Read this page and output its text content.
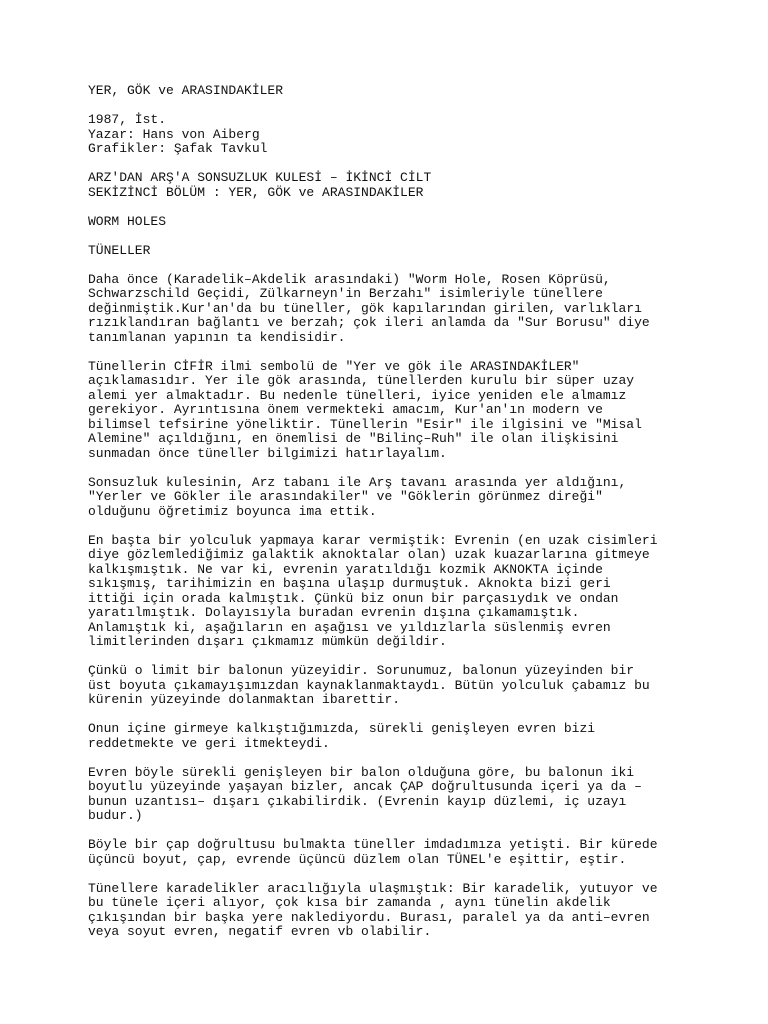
YER, GÖK ve ARASINDAKİLER
1987, İst.
Yazar: Hans von Aiberg
Grafikler: Şafak Tavkul
ARZ'DAN ARŞ'A SONSUZLUK KULESİ – İKİNCİ CİLT
SEKİZİNCİ BÖLÜM : YER, GÖK ve ARASINDAKİLER
WORM HOLES
TÜNELLER
Daha önce (Karadelik–Akdelik arasındaki) "Worm Hole, Rosen Köprüsü,
Schwarzschild Geçidi, Zülkarneyn'in Berzahı" isimleriyle tünellere
değinmiştik.Kur'an'da bu tüneller, gök kapılarından girilen, varlıkları
rızıklandıran bağlantı ve berzah; çok ileri anlamda da "Sur Borusu" diye
tanımlanan yapının ta kendisidir.
Tünellerin CİFİR ilmi sembolü de "Yer ve gök ile ARASINDAKİLER"
açıklamasıdır. Yer ile gök arasında, tünellerden kurulu bir süper uzay
alemi yer almaktadır. Bu nedenle tünelleri, iyice yeniden ele almamız
gerekiyor. Ayrıntısına önem vermekteki amacım, Kur'an'ın modern ve
bilimsel tefsirine yöneliktir. Tünellerin "Esir" ile ilgisini ve "Misal
Alemine" açıldığını, en önemlisi de "Bilinç–Ruh" ile olan ilişkisini
sunmadan önce tüneller bilgimizi hatırlayalım.
Sonsuzluk kulesinin, Arz tabanı ile Arş tavanı arasında yer aldığını,
"Yerler ve Gökler ile arasındakiler" ve "Göklerin görünmez direği"
olduğunu öğretimiz boyunca ima ettik.
En başta bir yolculuk yapmaya karar vermiştik: Evrenin (en uzak cisimleri
diye gözlemlediğimiz galaktik aknoktalar olan) uzak kuazarlarına gitmeye
kalkışmıştık. Ne var ki, evrenin yaratıldığı kozmik AKNOKTA içinde
sıkışmış, tarihimizin en başına ulaşıp durmuştuk. Aknokta bizi geri
ittiği için orada kalmıştık. Çünkü biz onun bir parçasıydık ve ondan
yaratılmıştık. Dolayısıyla buradan evrenin dışına çıkamamıştık.
Anlamıştık ki, aşağıların en aşağısı ve yıldızlarla süslenmiş evren
limitlerinden dışarı çıkmamız mümkün değildir.
Çünkü o limit bir balonun yüzeyidir. Sorunumuz, balonun yüzeyinden bir
üst boyuta çıkamayışımızdan kaynaklanmaktaydı. Bütün yolculuk çabamız bu
kürenin yüzeyinde dolanmaktan ibarettir.
Onun içine girmeye kalkıştığımızda, sürekli genişleyen evren bizi
reddetmekte ve geri itmekteydi.
Evren böyle sürekli genişleyen bir balon olduğuna göre, bu balonun iki
boyutlu yüzeyinde yaşayan bizler, ancak ÇAP doğrultusunda içeri ya da –
bunun uzantısı– dışarı çıkabilirdik. (Evrenin kayıp düzlemi, iç uzayı
budur.)
Böyle bir çap doğrultusu bulmakta tüneller imdadımıza yetişti. Bir kürede
üçüncü boyut, çap, evrende üçüncü düzlem olan TÜNEL'e eşittir, eştir.
Tünellere karadelikler aracılığıyla ulaşmıştık: Bir karadelik, yutuyor ve
bu tünele içeri alıyor, çok kısa bir zamanda , aynı tünelin akdelik
çıkışından bir başka yere naklediyordu. Burası, paralel ya da anti–evren
veya soyut evren, negatif evren vb olabilir.
